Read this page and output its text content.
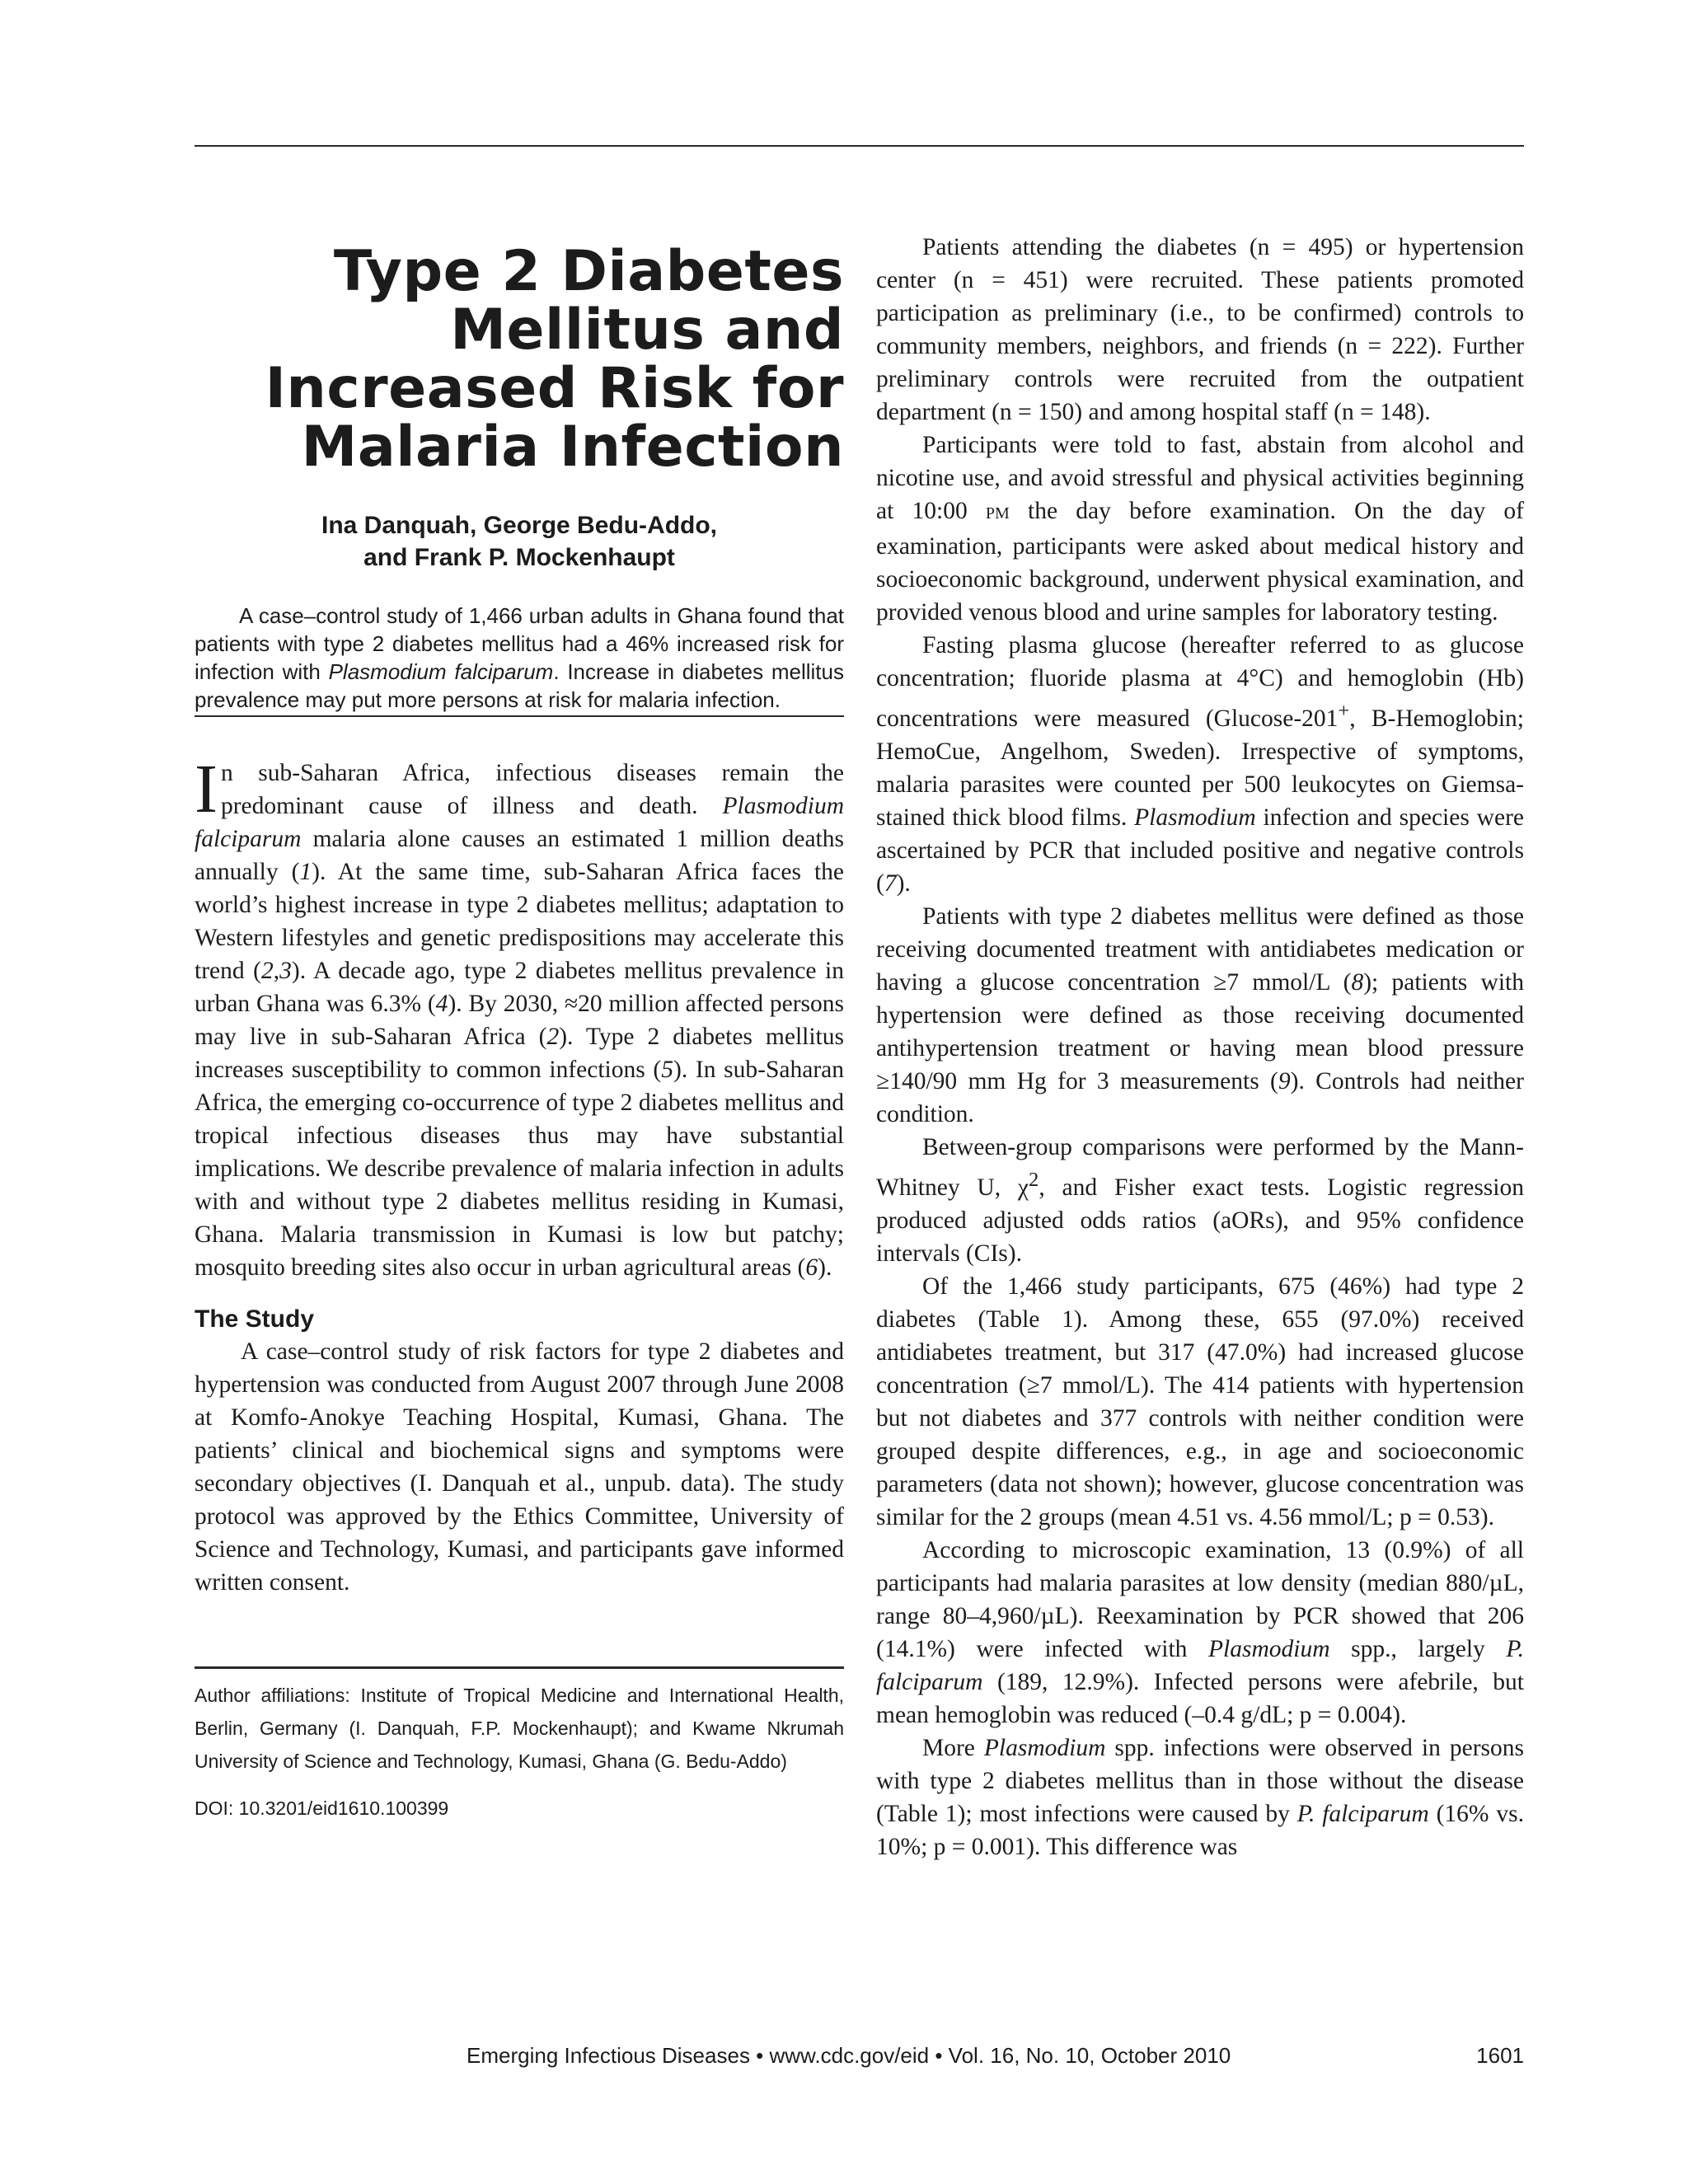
Type 2 Diabetes
Mellitus and
Increased Risk for
Malaria Infection
Ina Danquah, George Bedu-Addo,
and Frank P. Mockenhaupt

A case–control study of 1,466 urban adults in Ghana found that patients with type 2 diabetes mellitus had a 46% increased risk for infection with Plasmodium falciparum. Increase in diabetes mellitus prevalence may put more persons at risk for malaria infection.

In sub-Saharan Africa, infectious diseases remain the predominant cause of illness and death. Plasmodium falciparum malaria alone causes an estimated 1 million deaths annually (1). At the same time, sub-Saharan Africa faces the world’s highest increase in type 2 diabetes mellitus; adaptation to Western lifestyles and genetic predispositions may accelerate this trend (2,3). A decade ago, type 2 diabetes mellitus prevalence in urban Ghana was 6.3% (4). By 2030, ≈20 million affected persons may live in sub-Saharan Africa (2). Type 2 diabetes mellitus increases susceptibility to common infections (5). In sub-Saharan Africa, the emerging co-occurrence of type 2 diabetes mellitus and tropical infectious diseases thus may have substantial implications. We describe prevalence of malaria infection in adults with and without type 2 diabetes mellitus residing in Kumasi, Ghana. Malaria transmission in Kumasi is low but patchy; mosquito breeding sites also occur in urban agricultural areas (6).

The Study

A case–control study of risk factors for type 2 diabetes and hypertension was conducted from August 2007 through June 2008 at Komfo-Anokye Teaching Hospital, Kumasi, Ghana. The patients’ clinical and biochemical signs and symptoms were secondary objectives (I. Danquah et al., unpub. data). The study protocol was approved by the Ethics Committee, University of Science and Technology, Kumasi, and participants gave informed written consent.

Author affiliations: Institute of Tropical Medicine and International Health, Berlin, Germany (I. Danquah, F.P. Mockenhaupt); and Kwame Nkrumah University of Science and Technology, Kumasi, Ghana (G. Bedu-Addo)
DOI: 10.3201/eid1610.100399

Patients attending the diabetes (n = 495) or hypertension center (n = 451) were recruited. These patients promoted participation as preliminary (i.e., to be confirmed) controls to community members, neighbors, and friends (n = 222). Further preliminary controls were recruited from the outpatient department (n = 150) and among hospital staff (n = 148).

Participants were told to fast, abstain from alcohol and nicotine use, and avoid stressful and physical activities beginning at 10:00 PM the day before examination. On the day of examination, participants were asked about medical history and socioeconomic background, underwent physical examination, and provided venous blood and urine samples for laboratory testing.

Fasting plasma glucose (hereafter referred to as glucose concentration; fluoride plasma at 4°C) and hemoglobin (Hb) concentrations were measured (Glucose-201+, B-Hemoglobin; HemoCue, Angelhom, Sweden). Irrespective of symptoms, malaria parasites were counted per 500 leukocytes on Giemsa-stained thick blood films. Plasmodium infection and species were ascertained by PCR that included positive and negative controls (7).

Patients with type 2 diabetes mellitus were defined as those receiving documented treatment with antidiabetes medication or having a glucose concentration ≥7 mmol/L (8); patients with hypertension were defined as those receiving documented antihypertension treatment or having mean blood pressure ≥140/90 mm Hg for 3 measurements (9). Controls had neither condition.

Between-group comparisons were performed by the Mann-Whitney U, $\chi^2$, and Fisher exact tests. Logistic regression produced adjusted odds ratios (aORs), and 95% confidence intervals (CIs).

Of the 1,466 study participants, 675 (46%) had type 2 diabetes (Table 1). Among these, 655 (97.0%) received antidiabetes treatment, but 317 (47.0%) had increased glucose concentration (≥7 mmol/L). The 414 patients with hypertension but not diabetes and 377 controls with neither condition were grouped despite differences, e.g., in age and socioeconomic parameters (data not shown); however, glucose concentration was similar for the 2 groups (mean 4.51 vs. 4.56 mmol/L; p = 0.53).

According to microscopic examination, 13 (0.9%) of all participants had malaria parasites at low density (median 880/µL, range 80–4,960/µL). Reexamination by PCR showed that 206 (14.1%) were infected with Plasmodium spp., largely P. falciparum (189, 12.9%). Infected persons were afebrile, but mean hemoglobin was reduced (–0.4 g/dL; p = 0.004).

More Plasmodium spp. infections were observed in persons with type 2 diabetes mellitus than in those without the disease (Table 1); most infections were caused by P. falciparum (16% vs. 10%; p = 0.001). This difference was

Emerging Infectious Diseases • www.cdc.gov/eid • Vol. 16, No. 10, October 2010	1601
